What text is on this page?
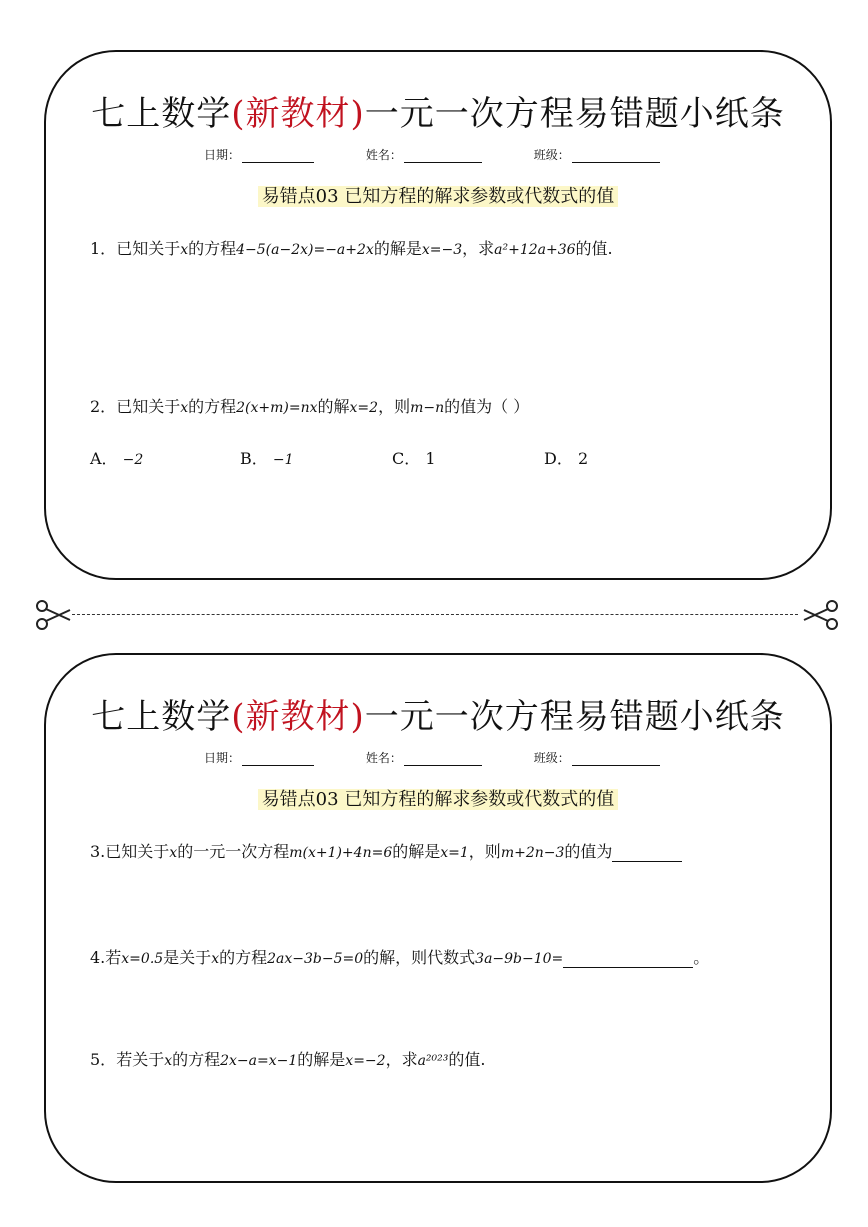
七上数学(新教材)一元一次方程易错题小纸条
日期：	姓名：	班级：
易错点03 已知方程的解求参数或代数式的值
1．已知关于x的方程4−5(a−2x)=−a+2x的解是x=−3，求a²+12a+36的值.
2．已知关于x的方程2(x+m)=nx的解x=2，则m−n的值为（ ）
A． −2	B． −1	C． 1	D． 2
七上数学(新教材)一元一次方程易错题小纸条
日期：	姓名：	班级：
易错点03 已知方程的解求参数或代数式的值
3.已知关于x的一元一次方程m(x+1)+4n=6的解是x=1，则m+2n−3的值为
4.若x=0.5是关于x的方程2ax−3b−5=0的解，则代数式3a−9b−10=	。
5．若关于x的方程2x−a=x−1的解是x=−2，求a²⁰²³的值.
